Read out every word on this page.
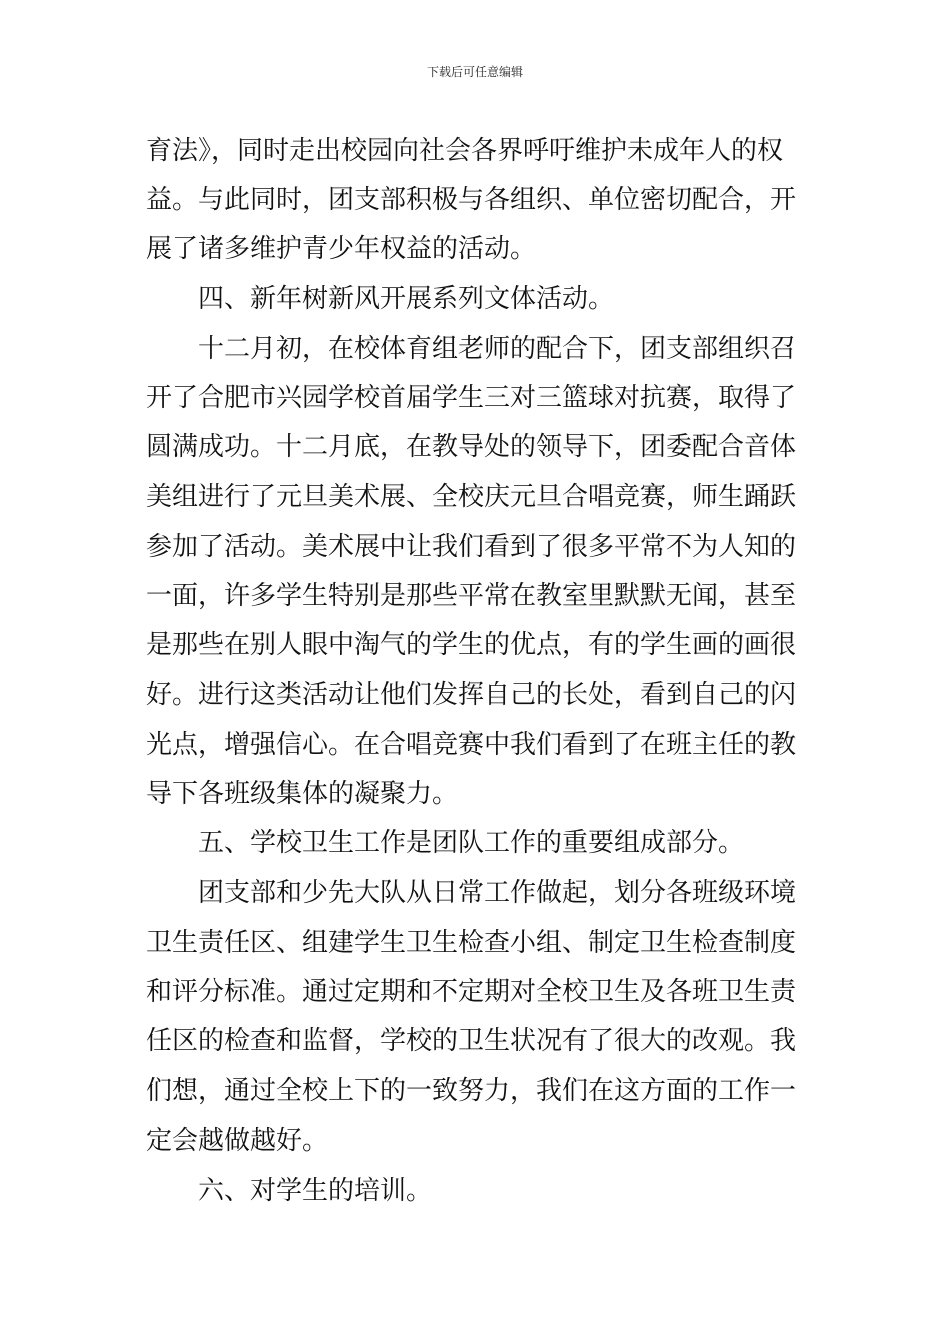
下载后可任意编辑
育法》，同时走出校园向社会各界呼吁维护未成年人的权
益。与此同时，团支部积极与各组织、单位密切配合，开
展了诸多维护青少年权益的活动。
四、新年树新风开展系列文体活动。
十二月初，在校体育组老师的配合下，团支部组织召
开了合肥市兴园学校首届学生三对三篮球对抗赛，取得了
圆满成功。十二月底，在教导处的领导下，团委配合音体
美组进行了元旦美术展、全校庆元旦合唱竞赛，师生踊跃
参加了活动。美术展中让我们看到了很多平常不为人知的
一面，许多学生特别是那些平常在教室里默默无闻，甚至
是那些在别人眼中淘气的学生的优点，有的学生画的画很
好。进行这类活动让他们发挥自己的长处，看到自己的闪
光点，增强信心。在合唱竞赛中我们看到了在班主任的教
导下各班级集体的凝聚力。
五、学校卫生工作是团队工作的重要组成部分。
团支部和少先大队从日常工作做起，划分各班级环境
卫生责任区、组建学生卫生检查小组、制定卫生检查制度
和评分标准。通过定期和不定期对全校卫生及各班卫生责
任区的检查和监督，学校的卫生状况有了很大的改观。我
们想，通过全校上下的一致努力，我们在这方面的工作一
定会越做越好。
六、对学生的培训。
